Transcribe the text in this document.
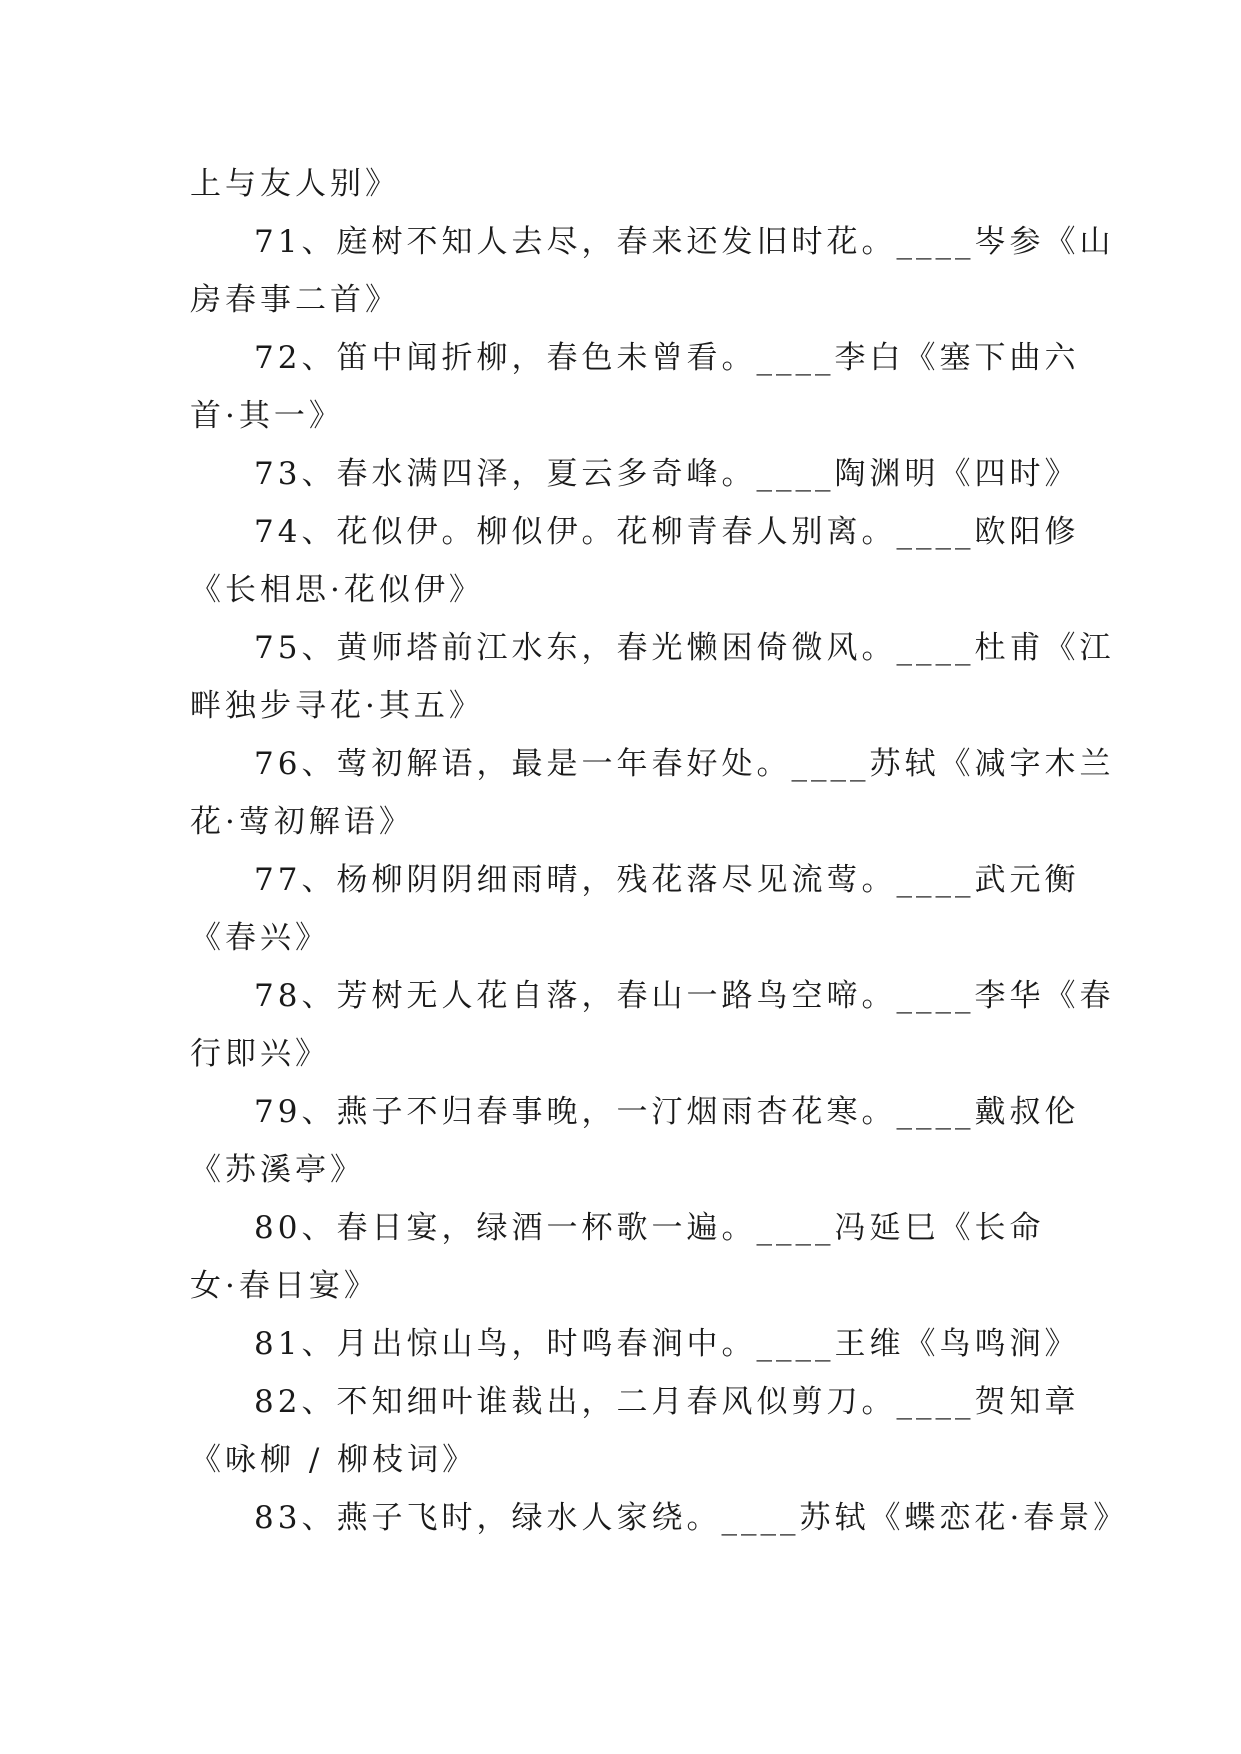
上与友人别》
71、庭树不知人去尽，春来还发旧时花。____岑参《山
房春事二首》
72、笛中闻折柳，春色未曾看。____李白《塞下曲六
首·其一》
73、春水满四泽，夏云多奇峰。____陶渊明《四时》
74、花似伊。柳似伊。花柳青春人别离。____欧阳修
《长相思·花似伊》
75、黄师塔前江水东，春光懒困倚微风。____杜甫《江
畔独步寻花·其五》
76、莺初解语，最是一年春好处。____苏轼《减字木兰
花·莺初解语》
77、杨柳阴阴细雨晴，残花落尽见流莺。____武元衡
《春兴》
78、芳树无人花自落，春山一路鸟空啼。____李华《春
行即兴》
79、燕子不归春事晚，一汀烟雨杏花寒。____戴叔伦
《苏溪亭》
80、春日宴，绿酒一杯歌一遍。____冯延巳《长命
女·春日宴》
81、月出惊山鸟，时鸣春涧中。____王维《鸟鸣涧》
82、不知细叶谁裁出，二月春风似剪刀。____贺知章
《咏柳 / 柳枝词》
83、燕子飞时，绿水人家绕。____苏轼《蝶恋花·春景》
